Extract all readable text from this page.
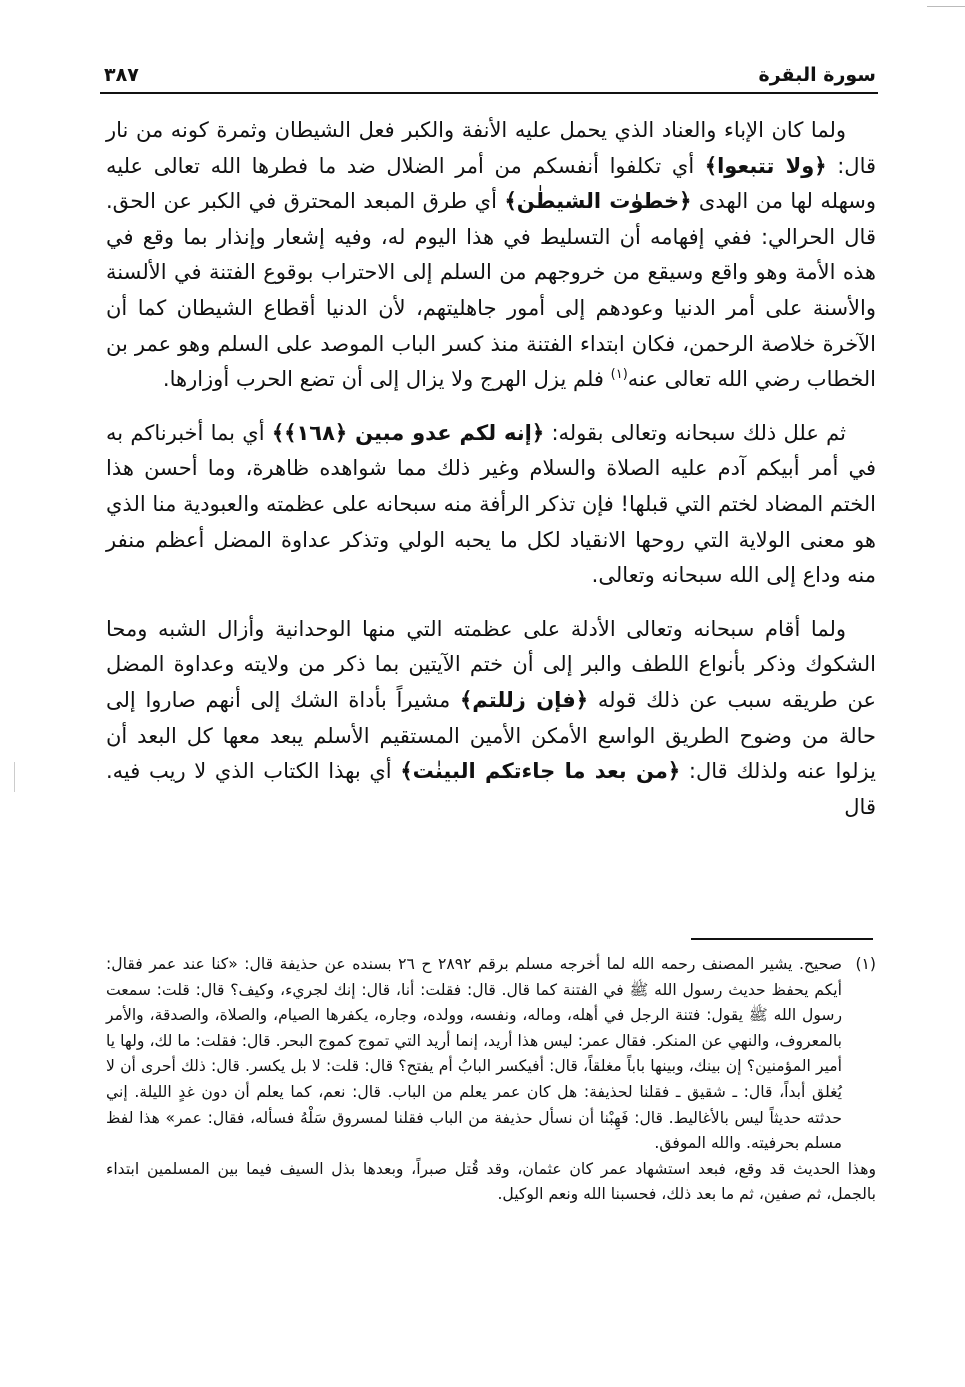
سورة البقرة
٣٨٧

ولما كان الإباء والعناد الذي يحمل عليه الأنفة والكبر فعل الشيطان وثمرة كونه من نار قال: ﴿ولا تتبعوا﴾ أي تكلفوا أنفسكم من أمر الضلال ضد ما فطرها الله تعالى عليه وسهله لها من الهدى ﴿خطوٰت الشيطٰن﴾ أي طرق المبعد المحترق في الكبر عن الحق. قال الحرالي: ففي إفهامه أن التسليط في هذا اليوم له، وفيه إشعار وإنذار بما وقع في هذه الأمة وهو واقع وسيقع من خروجهم من السلم إلى الاحتراب بوقوع الفتنة في الألسنة والأسنة على أمر الدنيا وعودهم إلى أمور جاهليتهم، لأن الدنيا أقطاع الشيطان كما أن الآخرة خلاصة الرحمن، فكان ابتداء الفتنة منذ كسر الباب الموصد على السلم وهو عمر بن الخطاب رضي الله تعالى عنه$^{(١)}$ فلم يزل الهرج ولا يزال إلى أن تضع الحرب أوزارها.

ثم علل ذلك سبحانه وتعالى بقوله: ﴿إنه لكم عدو مبين ﴿١٦٨﴾﴾ أي بما أخبرناكم به في أمر أبيكم آدم عليه الصلاة والسلام وغير ذلك مما شواهده ظاهرة، وما أحسن هذا الختم المضاد لختم التي قبلها! فإن تذكر الرأفة منه سبحانه على عظمته والعبودية منا الذي هو معنى الولاية التي روحها الانقياد لكل ما يحبه الولي وتذكر عداوة المضل أعظم منفر منه وداع إلى الله سبحانه وتعالى.

ولما أقام سبحانه وتعالى الأدلة على عظمته التي منها الوحدانية وأزال الشبه ومحا الشكوك وذكر بأنواع اللطف والبر إلى أن ختم الآيتين بما ذكر من ولايته وعداوة المضل عن طريقه سبب عن ذلك قوله ﴿فإن زللتم﴾ مشيراً بأداة الشك إلى أنهم صاروا إلى حالة من وضوح الطريق الواسع الأمكن الأمين المستقيم الأسلم يبعد معها كل البعد أن يزلوا عنه ولذلك قال: ﴿من بعد ما جاءتكم البينٰت﴾ أي بهذا الكتاب الذي لا ريب فيه. قال

(١)صحيح. يشير المصنف رحمه الله لما أخرجه مسلم برقم ٢٨٩٢ ح ٢٦ بسنده عن حذيفة قال: «كنا عند عمر فقال: أيكم يحفظ حديث رسول الله ﷺ في الفتنة كما قال. قال: فقلت: أنا، قال: إنك لجريء، وكيف؟ قال: قلت: سمعت رسول الله ﷺ يقول: فتنة الرجل في أهله، وماله، ونفسه، وولده، وجاره، يكفرها الصيام، والصلاة، والصدقة، والأمر بالمعروف، والنهي عن المنكر. فقال عمر: ليس هذا أريد، إنما أريد التي تموج كموج البحر. قال: فقلت: ما لك، ولها يا أمير المؤمنين؟ إن بينك، وبينها باباً مغلقاً، قال: أفيكسر البابُ أم يفتح؟ قال: قلت: لا بل يكسر. قال: ذلك أحرى أن لا يُغلق أبداً، قال: ـ شقيق ـ فقلنا لحذيفة: هل كان عمر يعلم من الباب. قال: نعم، كما يعلم أن دون غدٍ الليلة. إني حدثته حديثاً ليس بالأغاليط. قال: فَهِبْنا أن نسأل حذيفة من الباب فقلنا لمسروق سَلْهُ فسأله، فقال: عمر» هذا لفظ مسلم بحرفيته. والله الموفق.

وهذا الحديث قد وقع، فبعد استشهاد عمر كان عثمان، وقد قُتل صبراً، وبعدها بذل السيف فيما بين المسلمين ابتداء بالجمل، ثم صفين، ثم ما بعد ذلك، فحسبنا الله ونعم الوكيل.
